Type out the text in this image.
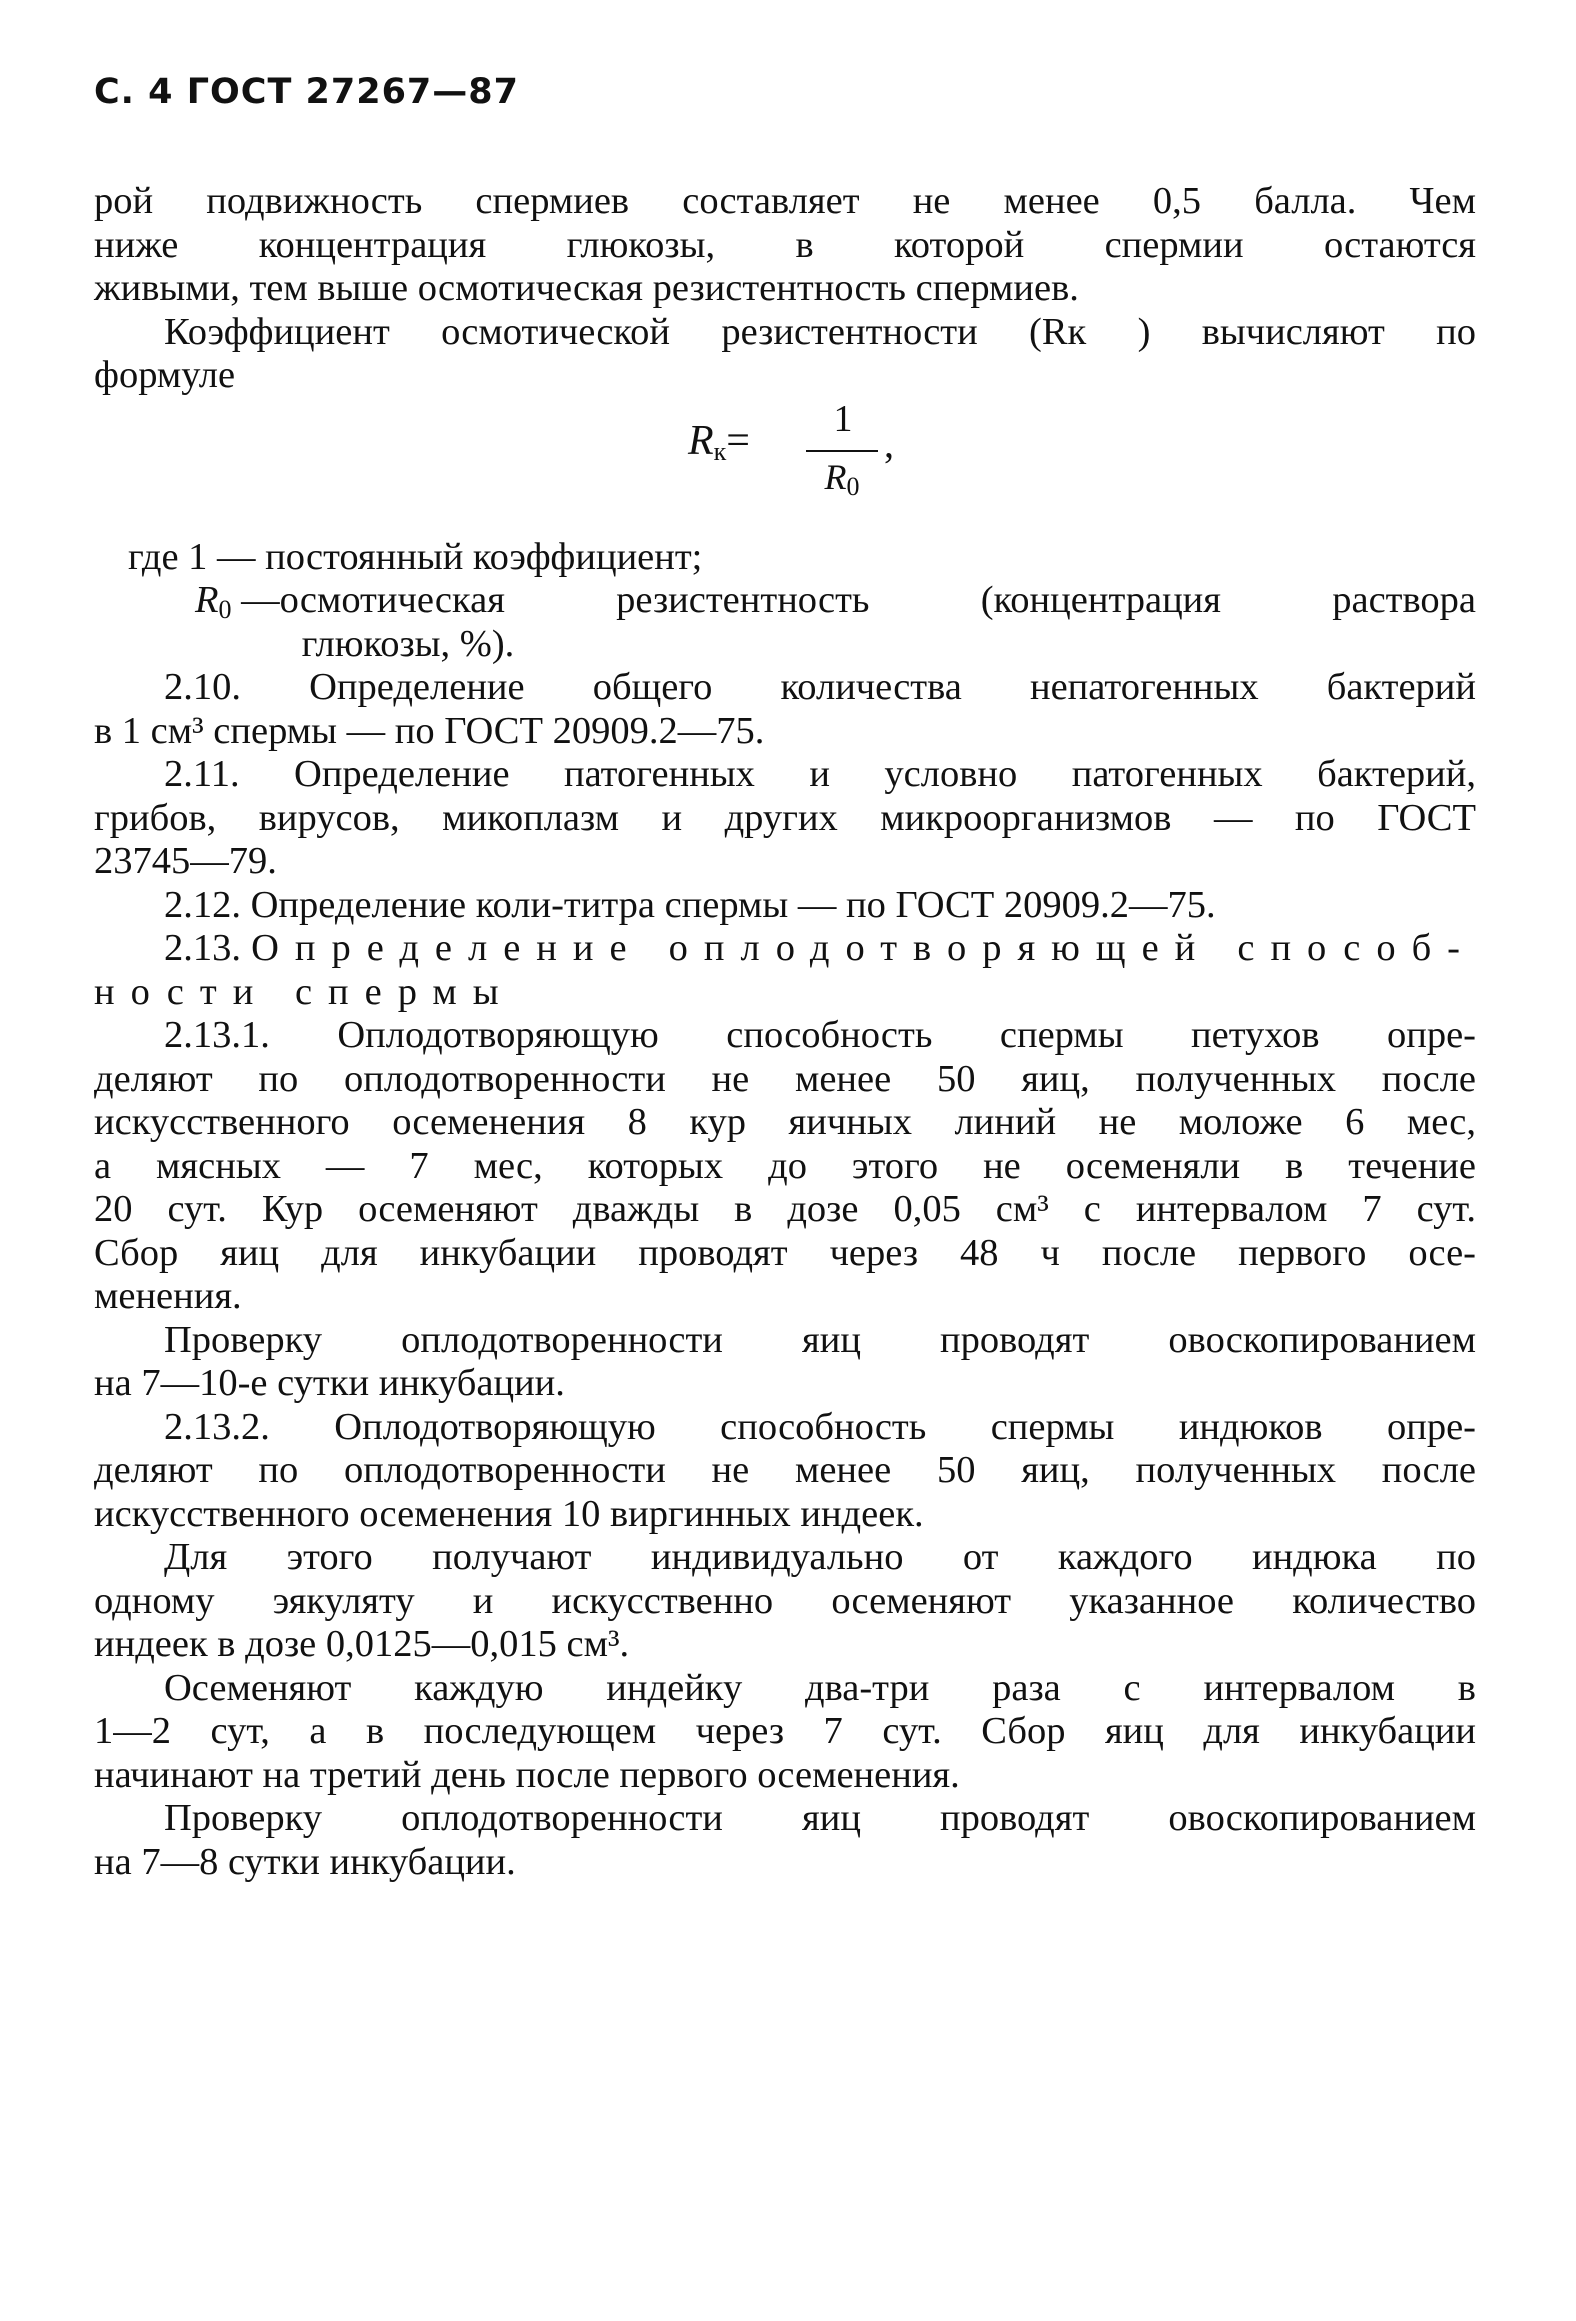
С. 4 ГОСТ 27267—87
рой подвижность спермиев составляет не менее 0,5 балла. Чем
ниже концентрация глюкозы, в которой спермии остаются
живыми, тем выше осмотическая резистентность спермиев.
Коэффициент осмотической резистентности (Rк ) вычисляют по
формуле
$R_к=$	1
$R_0$
,
где 1 — постоянный коэффициент;
$R_0$ — осмотическая резистентность (концентрация раствора
глюкозы, %).
2.10. Определение общего количества непатогенных бактерий
в 1 см³ спермы — по ГОСТ 20909.2—75.
2.11. Определение патогенных и условно патогенных бактерий,
грибов, вирусов, микоплазм и других микроорганизмов — по ГОСТ
23745—79.
2.12. Определение коли-титра спермы — по ГОСТ 20909.2—75.
2.13. Определение оплодотворяющей способ-
ности спермы
2.13.1. Оплодотворяющую способность спермы петухов опре-
деляют по оплодотворенности не менее 50 яиц, полученных после
искусственного осеменения 8 кур яичных линий не моложе 6 мес,
а мясных — 7 мес, которых до этого не осеменяли в течение
20 сут. Кур осеменяют дважды в дозе 0,05 см³ с интервалом 7 сут.
Сбор яиц для инкубации проводят через 48 ч после первого осе-
менения.
Проверку оплодотворенности яиц проводят овоскопированием
на 7—10-е сутки инкубации.
2.13.2. Оплодотворяющую способность спермы индюков опре-
деляют по оплодотворенности не менее 50 яиц, полученных после
искусственного осеменения 10 виргинных индеек.
Для этого получают индивидуально от каждого индюка по
одному эякуляту и искусственно осеменяют указанное количество
индеек в дозе 0,0125—0,015 см³.
Осеменяют каждую индейку два-три раза с интервалом в
1—2 сут, а в последующем через 7 сут. Сбор яиц для инкубации
начинают на третий день после первого осеменения.
Проверку оплодотворенности яиц проводят овоскопированием
на 7—8 сутки инкубации.
